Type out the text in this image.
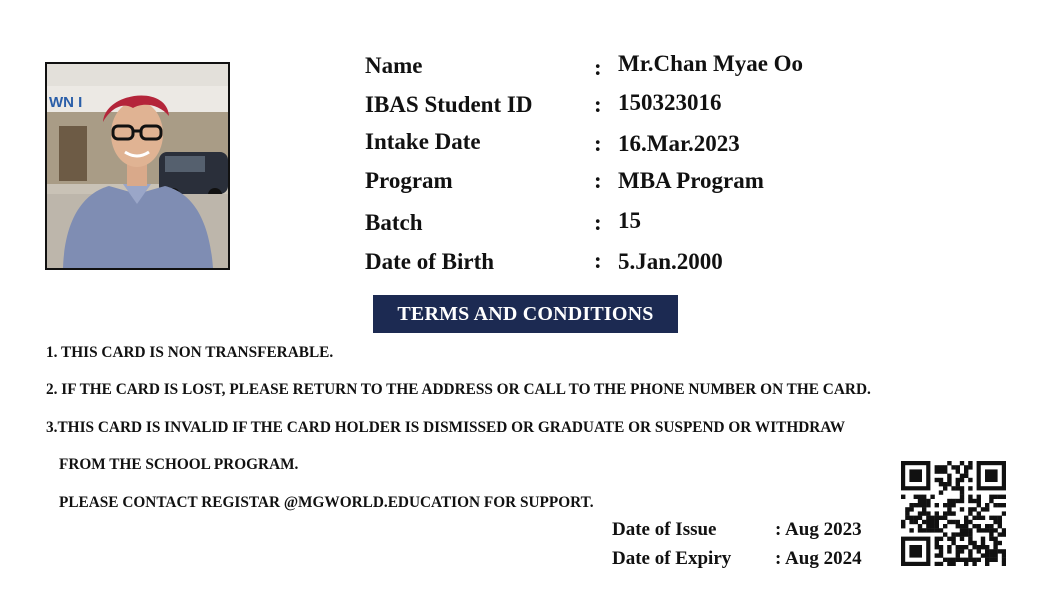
WN I
Name	: Mr.Chan Myae Oo
IBAS Student ID	: 150323016
Intake Date	: 16.Mar.2023
Program	: MBA Program
Batch	: 15
Date of Birth	: 5.Jan.2000
TERMS AND CONDITIONS
1. THIS CARD IS NON TRANSFERABLE.
2. IF THE CARD IS LOST, PLEASE RETURN TO THE ADDRESS OR CALL TO THE PHONE NUMBER ON THE CARD.
3.THIS CARD IS INVALID IF THE CARD HOLDER IS DISMISSED OR GRADUATE OR SUSPEND OR WITHDRAW
FROM THE SCHOOL PROGRAM.
PLEASE CONTACT REGISTAR @MGWORLD.EDUCATION FOR SUPPORT.
Date of Issue	: Aug 2023
Date of Expiry : Aug 2024
